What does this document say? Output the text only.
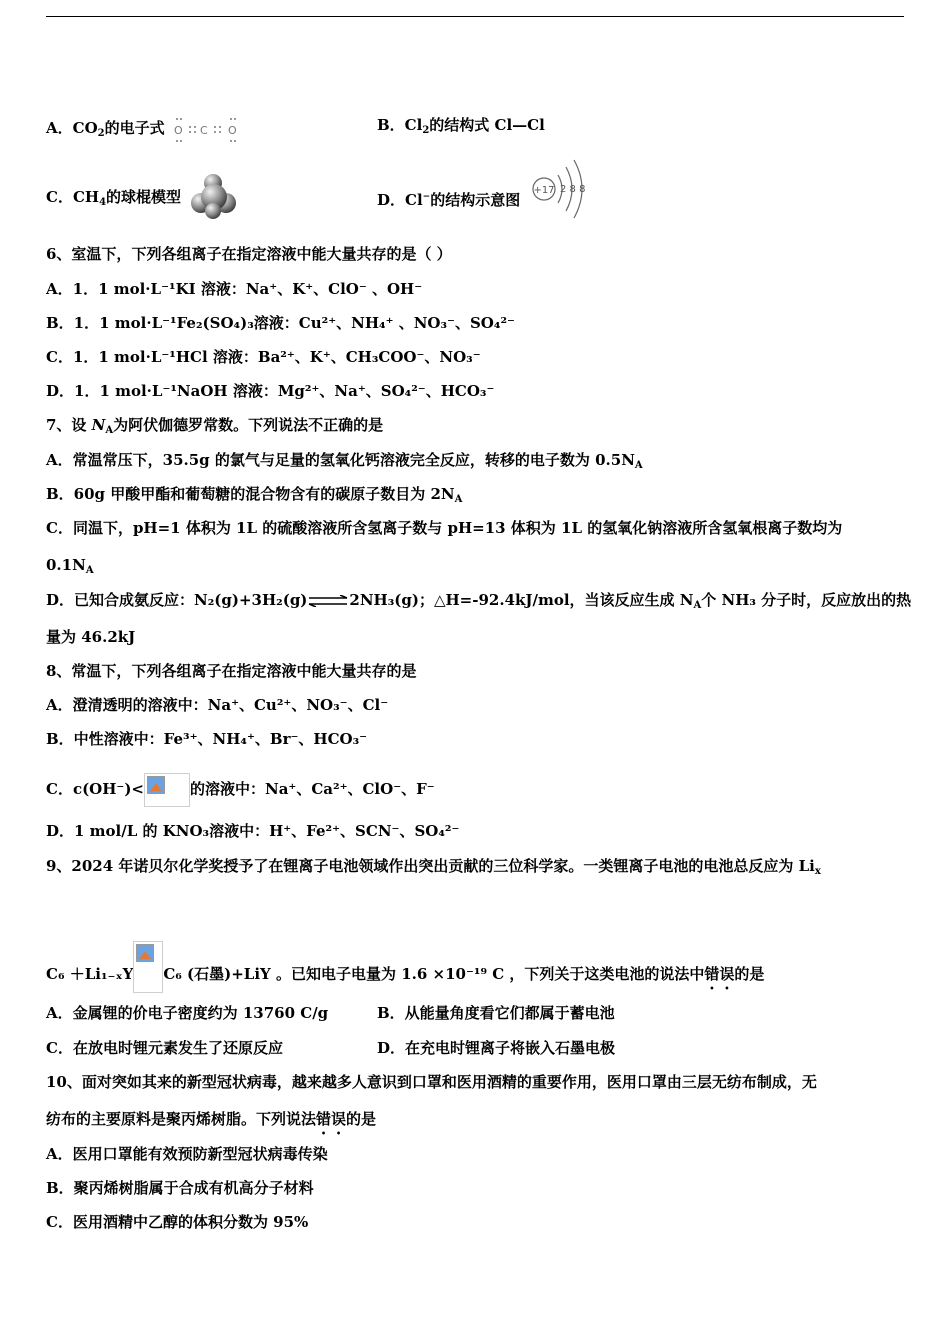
A．$CO_2$的电子式 O C O	B．$Cl_2$的结构式 Cl—Cl
C．$CH_4$的球棍模型	D．Cl−的结构示意图
+17 2 8 8
6、室温下，下列各组离子在指定溶液中能大量共存的是（ ）
A．1．1 mol·L⁻¹KI 溶液：Na⁺、K⁺、ClO⁻ 、OH⁻
B．1．1 mol·L⁻¹Fe₂(SO₄)₃溶液：Cu²⁺、NH₄⁺ 、NO₃⁻、SO₄²⁻
C．1．1 mol·L⁻¹HCl 溶液：Ba²⁺、K⁺、CH₃COO⁻、NO₃⁻
D．1．1 mol·L⁻¹NaOH 溶液：Mg²⁺、Na⁺、SO₄²⁻、HCO₃⁻
7、设 $N_A$为阿伏伽德罗常数。下列说法不正确的是
A．常温常压下，35.5g 的氯气与足量的氢氧化钙溶液完全反应，转移的电子数为 $0.5N_A$
B．60g 甲酸甲酯和葡萄糖的混合物含有的碳原子数目为 $2N_A$
C．同温下，pH=1 体积为 1L 的硫酸溶液所含氢离子数与 pH=13 体积为 1L 的氢氧化钠溶液所含氢氧根离子数均为
$0.1N_A$
D．已知合成氨反应：N₂(g)+3H₂(g)⇌2NH₃(g)；△H=-92.4kJ/mol，当该反应生成 $N_A$个 NH₃ 分子时，反应放出的热
量为 46.2kJ
8、常温下，下列各组离子在指定溶液中能大量共存的是
A．澄清透明的溶液中：Na⁺、Cu²⁺、NO₃⁻、Cl⁻
B．中性溶液中：Fe³⁺、NH₄⁺、Br⁻、HCO₃⁻
C．c(OH⁻)<	的溶液中：Na⁺、Ca²⁺、ClO⁻、F⁻
D．1 mol/L 的 KNO₃溶液中：H⁺、Fe²⁺、SCN⁻、SO₄²⁻
9、2024 年诺贝尔化学奖授予了在锂离子电池领域作出突出贡献的三位科学家。一类锂离子电池的电池总反应为 $Li_x$
C₆ ＋Li₁₋ₓY C₆ (石墨)+LiY 。已知电子电量为 1.6 ×10⁻¹⁹ C ，下列关于这类电池的说法中错误的是
A．金属锂的价电子密度约为 13760 C/g	B．从能量角度看它们都属于蓄电池
C．在放电时锂元素发生了还原反应	D．在充电时锂离子将嵌入石墨电极
10、面对突如其来的新型冠状病毒，越来越多人意识到口罩和医用酒精的重要作用，医用口罩由三层无纺布制成，无
纺布的主要原料是聚丙烯树脂。下列说法错误的是
A．医用口罩能有效预防新型冠状病毒传染
B．聚丙烯树脂属于合成有机高分子材料
C．医用酒精中乙醇的体积分数为 95%
